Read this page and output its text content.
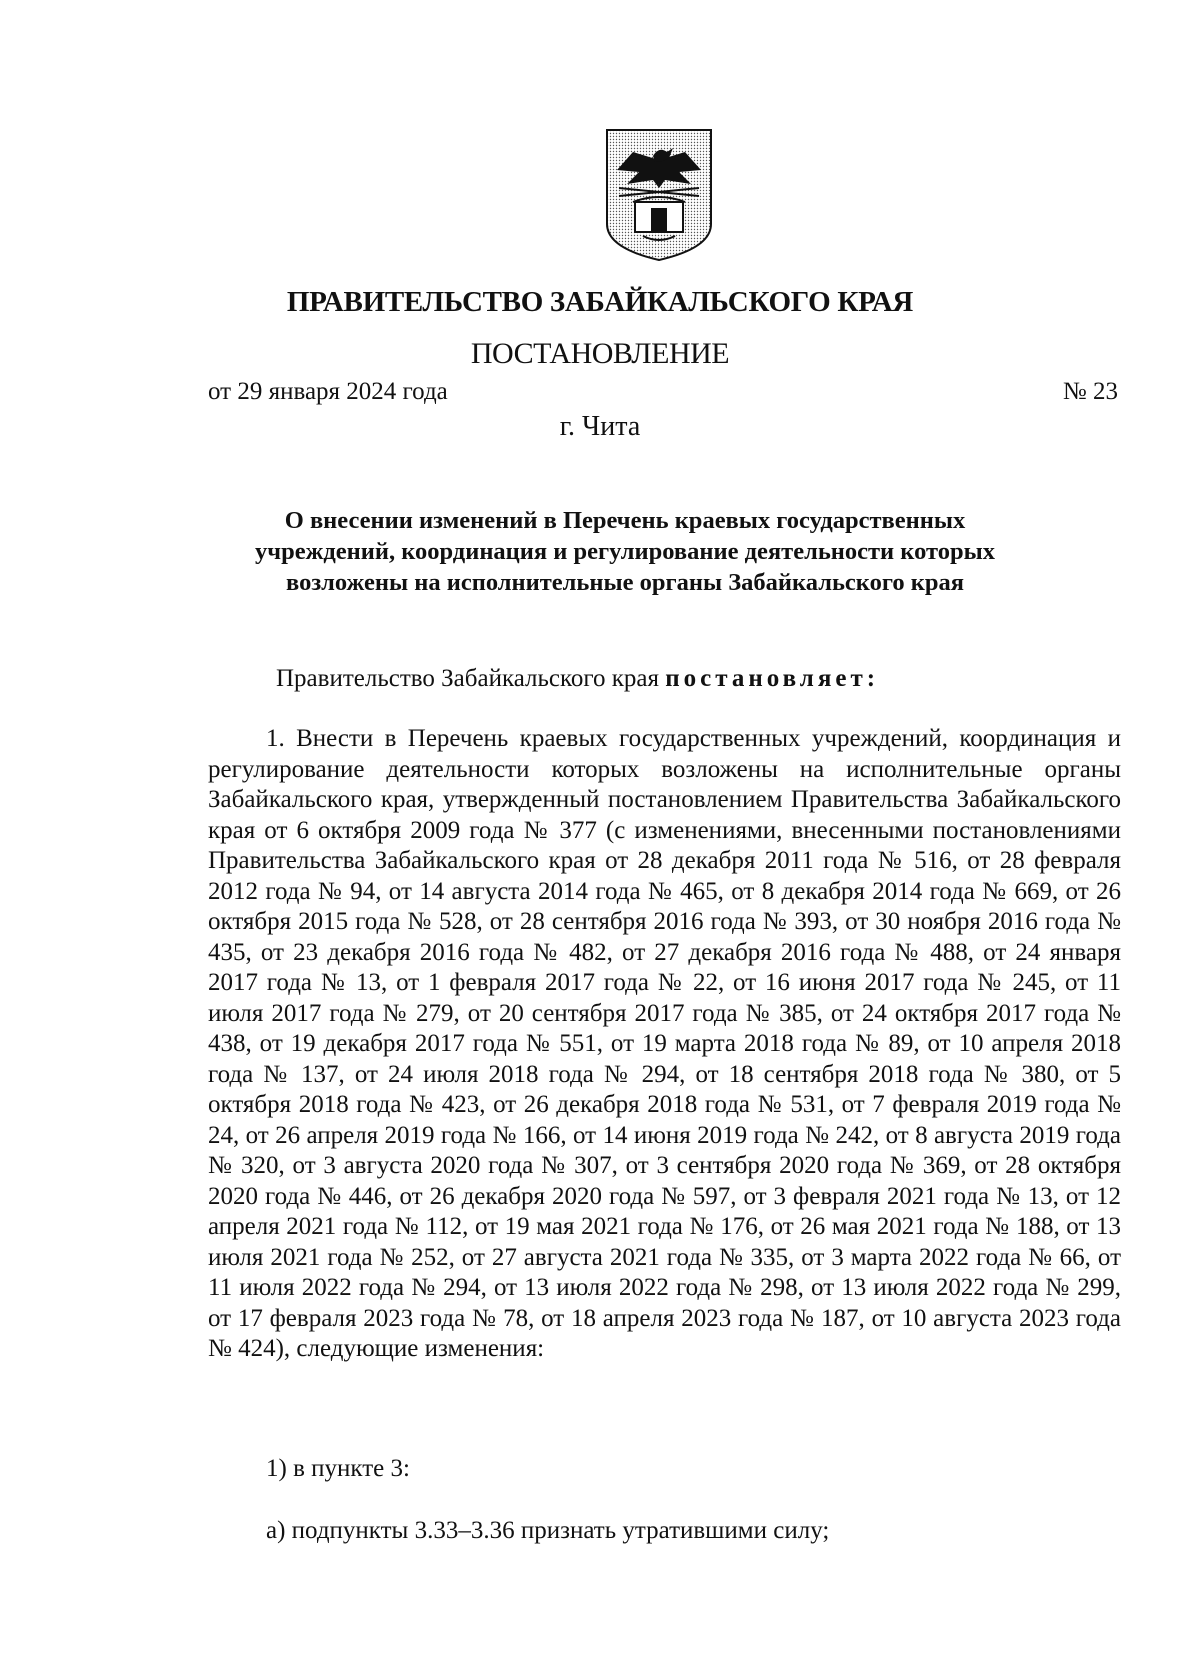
ПРАВИТЕЛЬСТВО ЗАБАЙКАЛЬСКОГО КРАЯ
ПОСТАНОВЛЕНИЕ
от 29 января 2024 года	№ 23
г. Чита
О внесении изменений в Перечень краевых государственных
учреждений, координация и регулирование деятельности которых
возложены на исполнительные органы Забайкальского края
Правительство Забайкальского края постановляет:

1. Внести в Перечень краевых государственных учреждений, координация и регулирование деятельности которых возложены на исполнительные органы Забайкальского края, утвержденный постановлением Правительства Забайкальского края от 6 октября 2009 года № 377 (с изменениями, внесенными постановлениями Правительства Забайкальского края от 28 декабря 2011 года № 516, от 28 февраля 2012 года № 94, от 14 августа 2014 года № 465, от 8 декабря 2014 года № 669, от 26 октября 2015 года № 528, от 28 сентября 2016 года № 393, от 30 ноября 2016 года № 435, от 23 декабря 2016 года № 482, от 27 декабря 2016 года № 488, от 24 января 2017 года № 13, от 1 февраля 2017 года № 22, от 16 июня 2017 года № 245, от 11 июля 2017 года № 279, от 20 сентября 2017 года № 385, от 24 октября 2017 года № 438, от 19 декабря 2017 года № 551, от 19 марта 2018 года № 89, от 10 апреля 2018 года № 137, от 24 июля 2018 года № 294, от 18 сентября 2018 года № 380, от 5 октября 2018 года № 423, от 26 декабря 2018 года № 531, от 7 февраля 2019 года № 24, от 26 апреля 2019 года № 166, от 14 июня 2019 года № 242, от 8 августа 2019 года № 320, от 3 августа 2020 года № 307, от 3 сентября 2020 года № 369, от 28 октября 2020 года № 446, от 26 декабря 2020 года № 597, от 3 февраля 2021 года № 13, от 12 апреля 2021 года № 112, от 19 мая 2021 года № 176, от 26 мая 2021 года № 188, от 13 июля 2021 года № 252, от 27 августа 2021 года № 335, от 3 марта 2022 года № 66, от 11 июля 2022 года № 294, от 13 июля 2022 года № 298, от 13 июля 2022 года № 299, от 17 февраля 2023 года № 78, от 18 апреля 2023 года № 187, от 10 августа 2023 года № 424), следующие изменения:

1) в пункте 3:
а) подпункты 3.33–3.36 признать утратившими силу;
